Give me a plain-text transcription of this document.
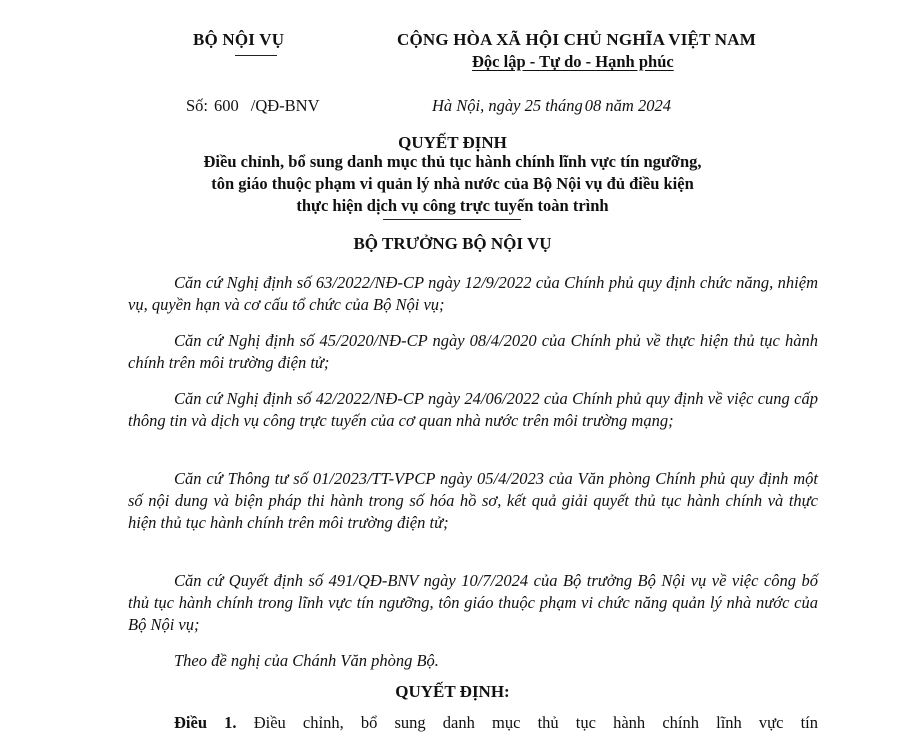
BỘ NỘI VỤ	CỘNG HÒA XÃ HỘI CHỦ NGHĨA VIỆT NAM
Độc lập - Tự do - Hạnh phúc
Số: 600 /QĐ-BNV	Hà Nội, ngày 25 tháng 08 năm 2024
QUYẾT ĐỊNH
Điều chỉnh, bổ sung danh mục thủ tục hành chính lĩnh vực tín ngưỡng,
tôn giáo thuộc phạm vi quản lý nhà nước của Bộ Nội vụ đủ điều kiện
thực hiện dịch vụ công trực tuyến toàn trình
BỘ TRƯỞNG BỘ NỘI VỤ
Căn cứ Nghị định số 63/2022/NĐ-CP ngày 12/9/2022 của Chính phủ quy định chức năng, nhiệm vụ, quyền hạn và cơ cấu tổ chức của Bộ Nội vụ;
Căn cứ Nghị định số 45/2020/NĐ-CP ngày 08/4/2020 của Chính phủ về thực hiện thủ tục hành chính trên môi trường điện tử;
Căn cứ Nghị định số 42/2022/NĐ-CP ngày 24/06/2022 của Chính phủ quy định về việc cung cấp thông tin và dịch vụ công trực tuyến của cơ quan nhà nước trên môi trường mạng;
Căn cứ Thông tư số 01/2023/TT-VPCP ngày 05/4/2023 của Văn phòng Chính phủ quy định một số nội dung và biện pháp thi hành trong số hóa hồ sơ, kết quả giải quyết thủ tục hành chính và thực hiện thủ tục hành chính trên môi trường điện tử;
Căn cứ Quyết định số 491/QĐ-BNV ngày 10/7/2024 của Bộ trưởng Bộ Nội vụ về việc công bố thủ tục hành chính trong lĩnh vực tín ngưỡng, tôn giáo thuộc phạm vi chức năng quản lý nhà nước của Bộ Nội vụ;
Theo đề nghị của Chánh Văn phòng Bộ.
QUYẾT ĐỊNH:
Điều 1. Điều chỉnh, bổ sung danh mục thủ tục hành chính lĩnh vực tín
